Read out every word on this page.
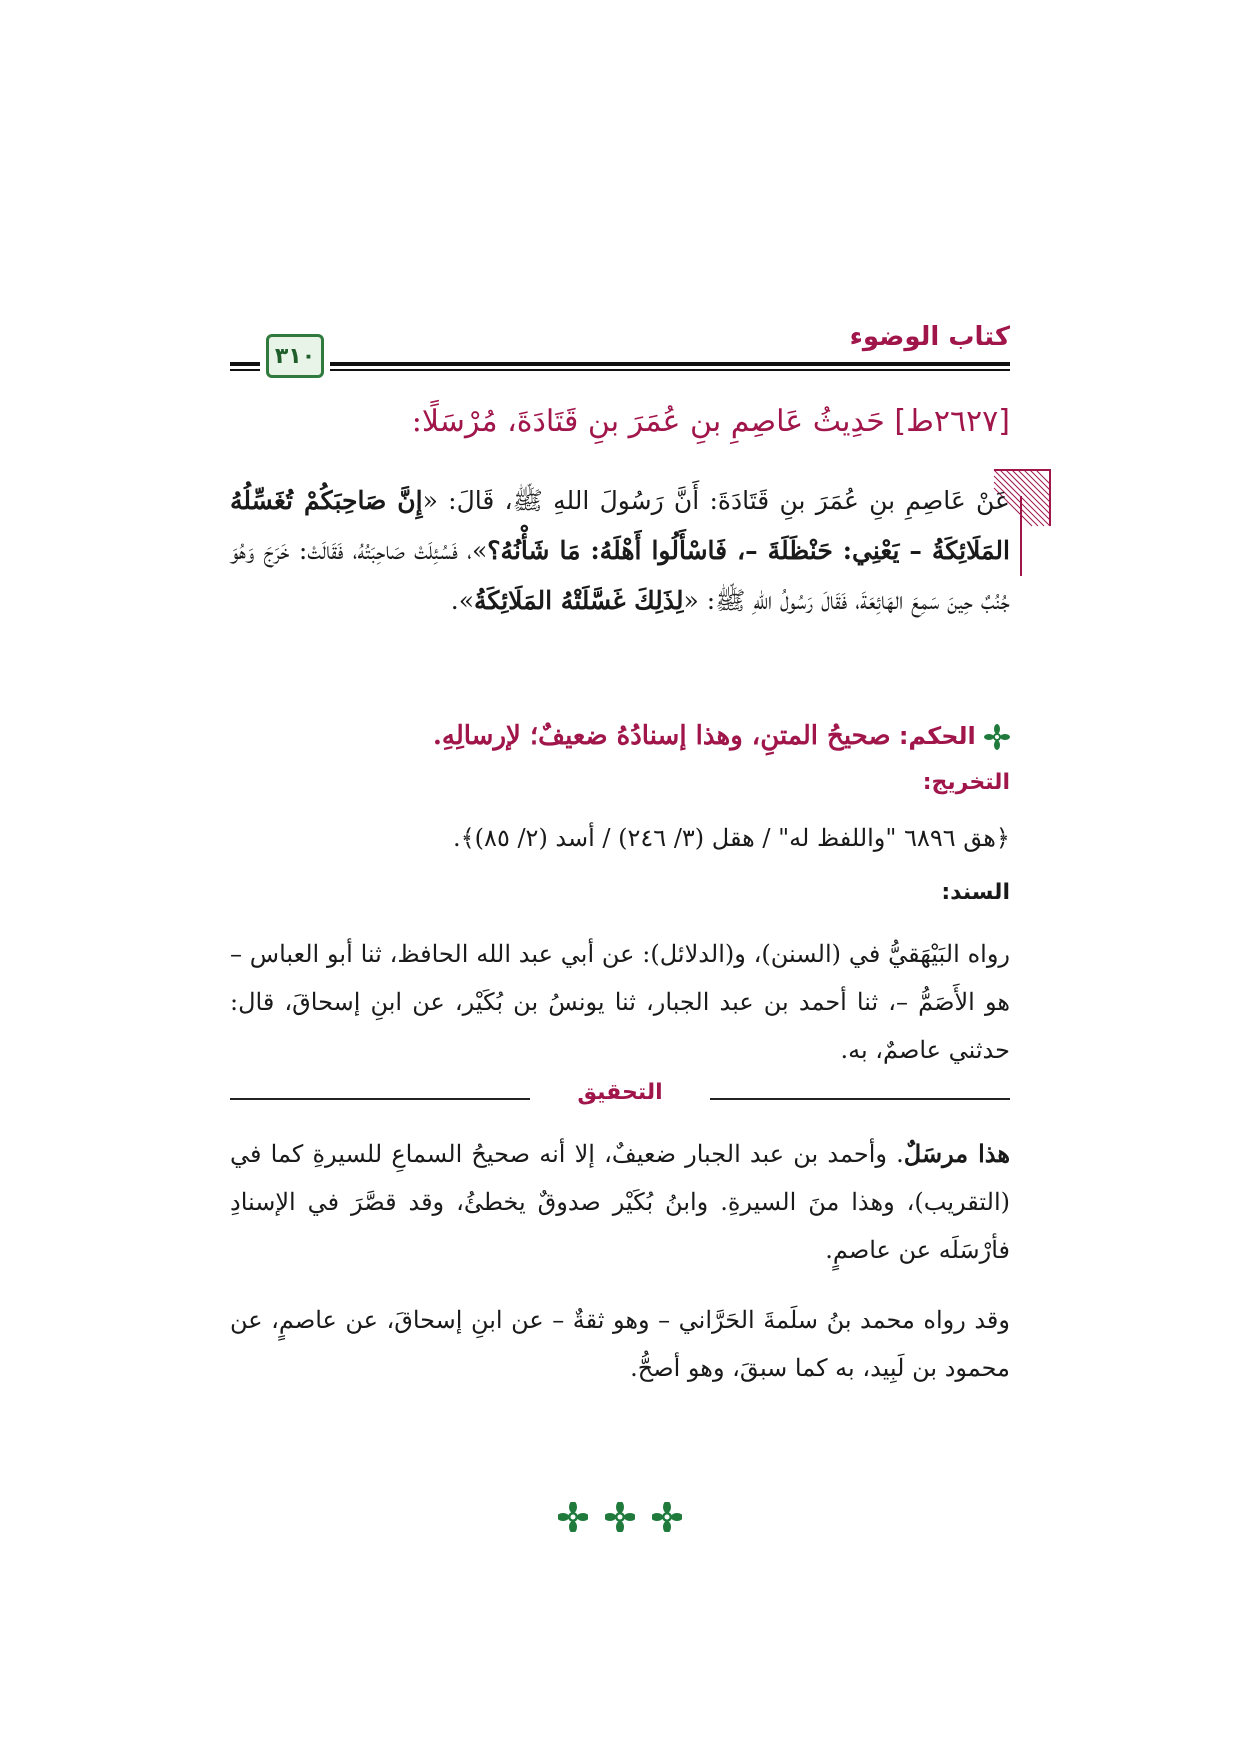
كتاب الوضوء
٣١٠
[٢٦٢٧ط] حَدِيثُ عَاصِمِ بنِ عُمَرَ بنِ قَتَادَةَ، مُرْسَلًا:
عَنْ عَاصِمِ بنِ عُمَرَ بنِ قَتَادَةَ: أَنَّ رَسُولَ اللهِ ﷺ، قَالَ: «إِنَّ صَاحِبَكُمْ تُغَسِّلُهُ المَلَائِكَةُ – يَعْنِي: حَنْظَلَةَ –، فَاسْأَلُوا أَهْلَهُ: مَا شَأْنُهُ؟»، فَسُئِلَتْ صَاحِبَتُهُ، فَقَالَتْ: خَرَجَ وَهُوَ جُنُبٌ حِينَ سَمِعَ الهَائِعَةَ، فَقَالَ رَسُولُ اللهِ ﷺ: «لِذَلِكَ غَسَّلَتْهُ المَلَائِكَةُ».
الحكم: صحيحُ المتنِ، وهذا إسنادُهُ ضعيفٌ؛ لإرسالِهِ.
التخريج:
﴿هق ٦٨٩٦ "واللفظ له" / هقل (٣/ ٢٤٦) / أسد (٢/ ٨٥)﴾.
السند:
رواه البَيْهَقيُّ في (السنن)، و(الدلائل): عن أبي عبد الله الحافظ، ثنا أبو العباس – هو الأَصَمُّ –، ثنا أحمد بن عبد الجبار، ثنا يونسُ بن بُكَيْر، عن ابنِ إسحاقَ، قال: حدثني عاصمٌ، به.
التحقيق
هذا مرسَلٌ. وأحمد بن عبد الجبار ضعيفٌ، إلا أنه صحيحُ السماعِ للسيرةِ كما في (التقريب)، وهذا منَ السيرةِ. وابنُ بُكَيْر صدوقٌ يخطئُ، وقد قصَّرَ في الإسنادِ فأرْسَلَه عن عاصمٍ.
وقد رواه محمد بنُ سلَمةَ الحَرَّاني – وهو ثقةٌ – عن ابنِ إسحاقَ، عن عاصمٍ، عن محمود بن لَبِيد، به كما سبقَ، وهو أصحُّ.
